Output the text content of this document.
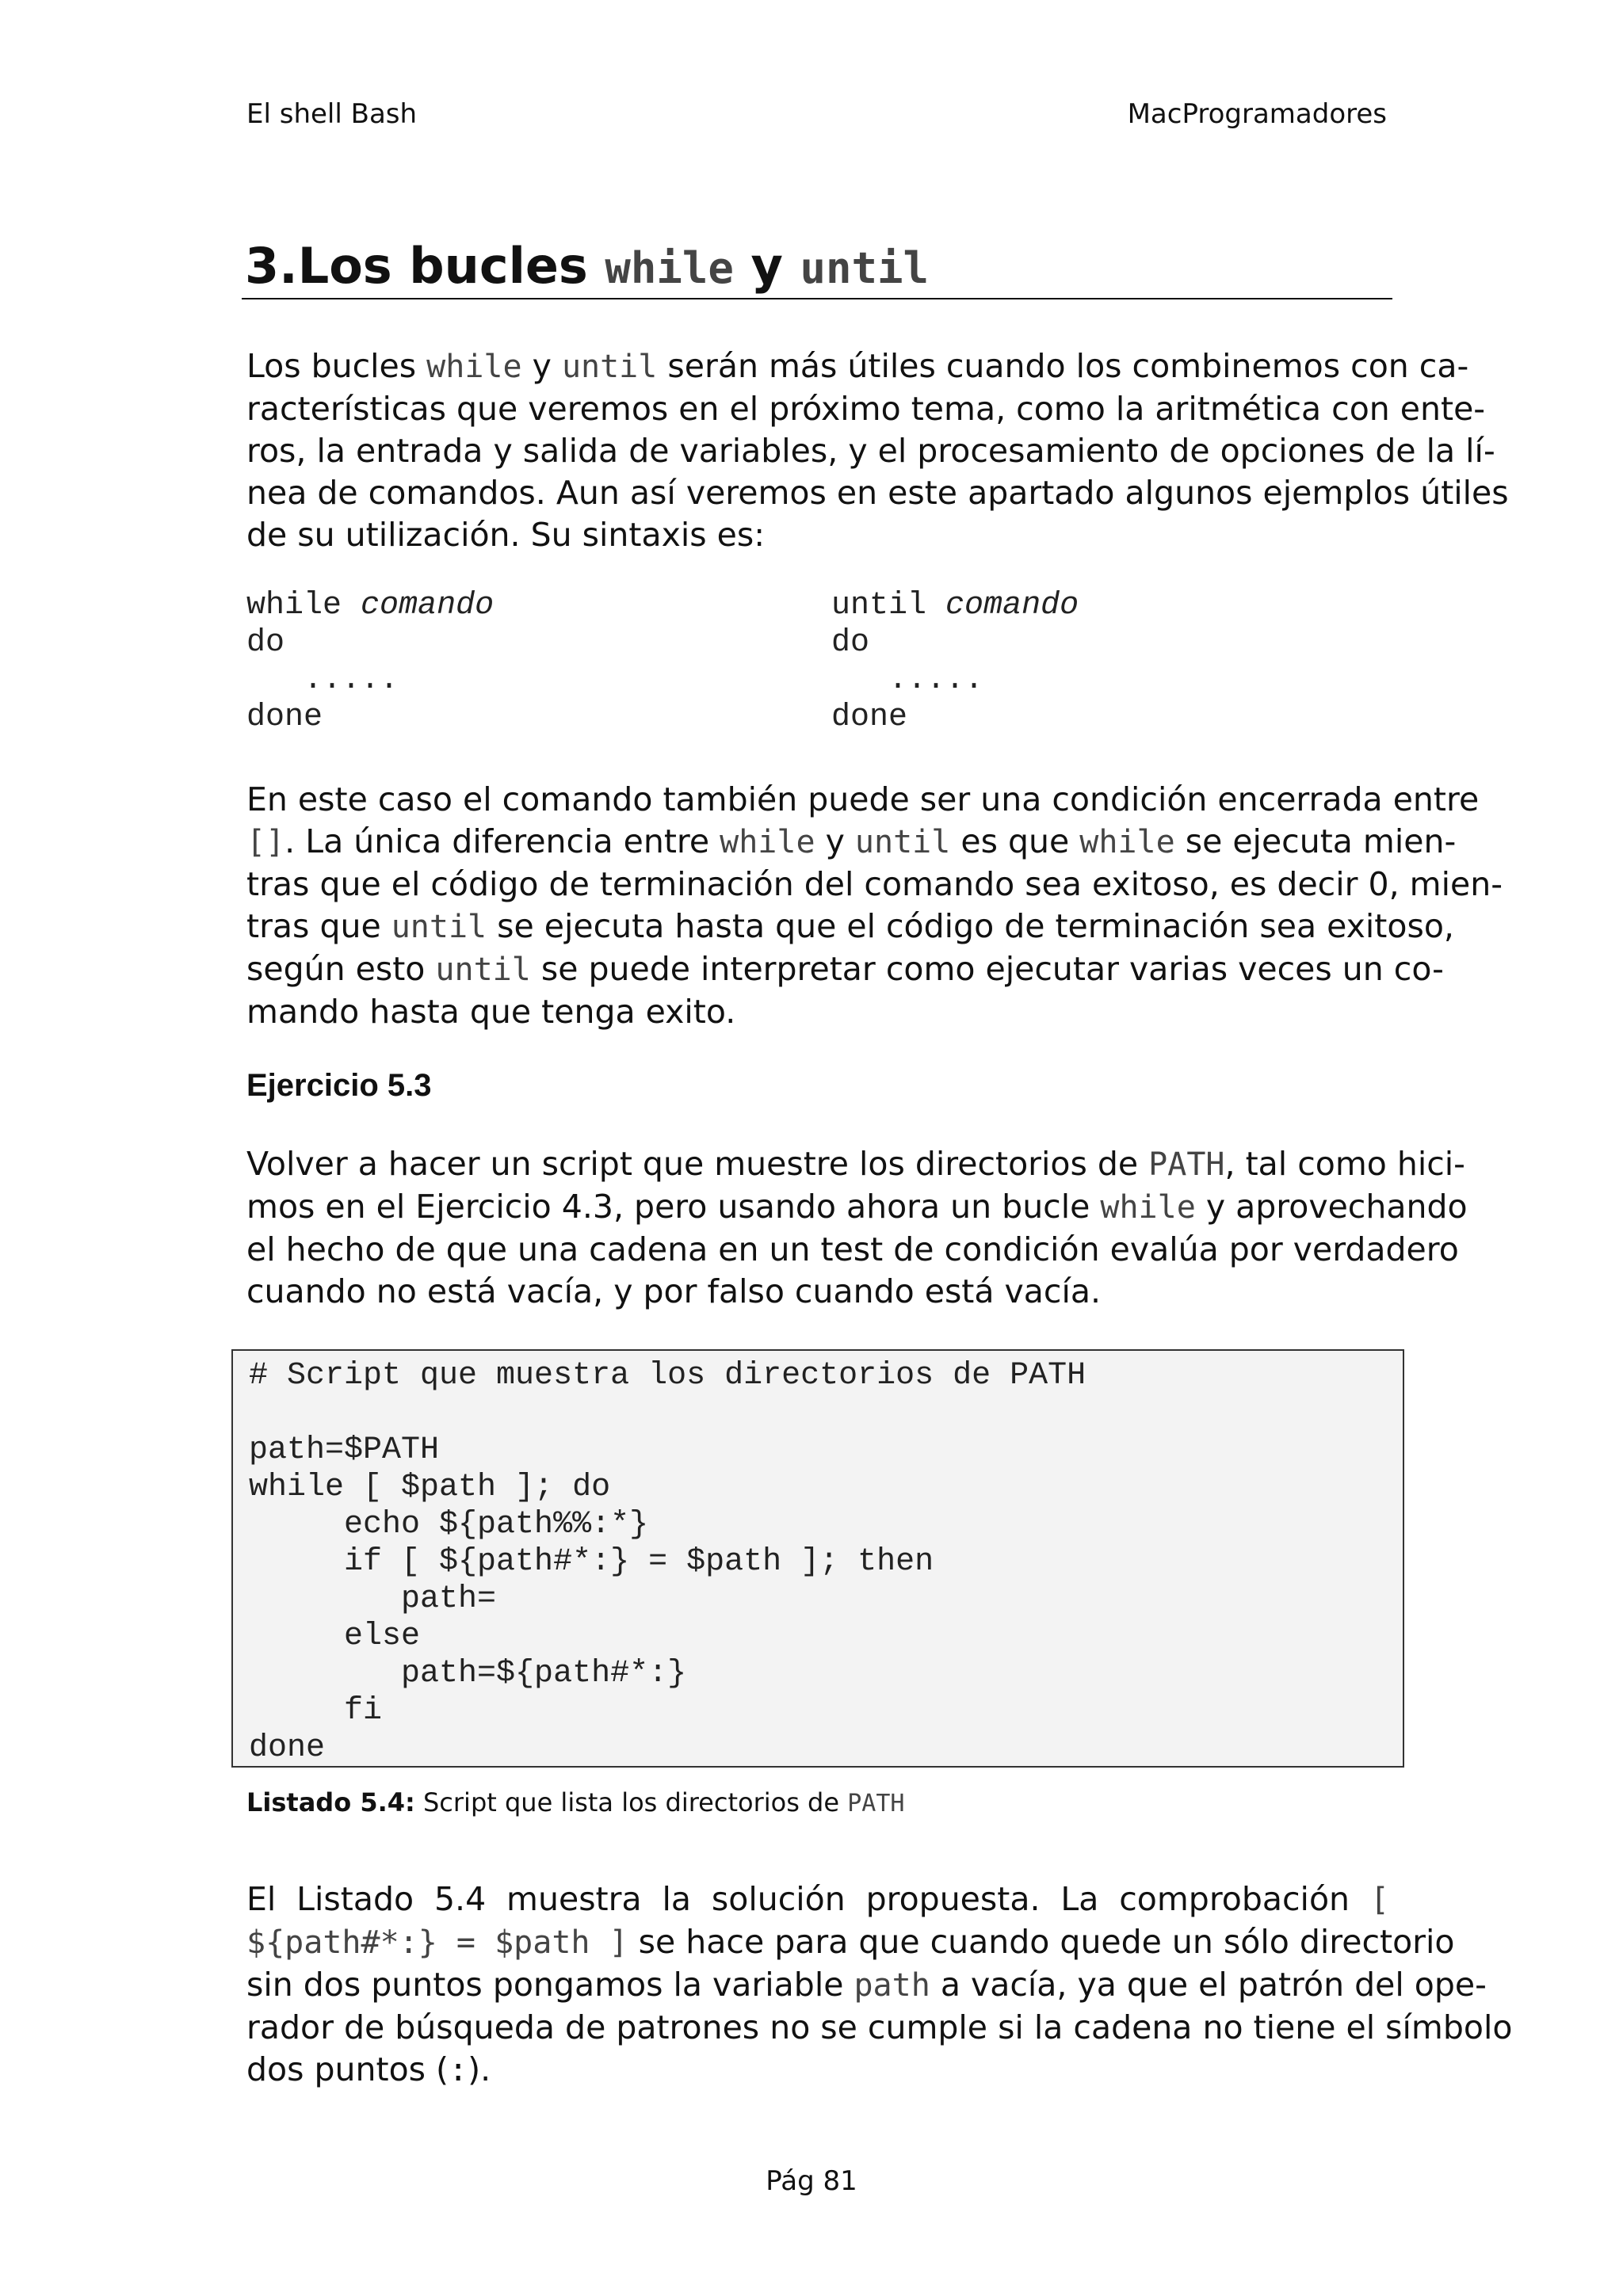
El shell Bash	MacProgramadores
3.Los bucles while y until
Los bucles while y until serán más útiles cuando los combinemos con ca-
racterísticas que veremos en el próximo tema, como la aritmética con ente-
ros, la entrada y salida de variables, y el procesamiento de opciones de la lí-
nea de comandos. Aun así veremos en este apartado algunos ejemplos útiles
de su utilización. Su sintaxis es:
while comando
do
.....
done
until comando
do
.....
done
En este caso el comando también puede ser una condición encerrada entre
[]. La única diferencia entre while y until es que while se ejecuta mien-
tras que el código de terminación del comando sea exitoso, es decir 0, mien-
tras que until se ejecuta hasta que el código de terminación sea exitoso,
según esto until se puede interpretar como ejecutar varias veces un co-
mando hasta que tenga exito.
Ejercicio 5.3
Volver a hacer un script que muestre los directorios de PATH, tal como hici-
mos en el Ejercicio 4.3, pero usando ahora un bucle while y aprovechando
el hecho de que una cadena en un test de condición evalúa por verdadero
cuando no está vacía, y por falso cuando está vacía.
# Script que muestra los directorios de PATH

path=$PATH
while [ $path ]; do
echo ${path%%:*}
if [ ${path#*:} = $path ]; then
path=
else
path=${path#*:}
fi
done
Listado 5.4: Script que lista los directorios de PATH
El Listado 5.4 muestra la solución propuesta. La comprobación [
${path#*:} = $path ] se hace para que cuando quede un sólo directorio
sin dos puntos pongamos la variable path a vacía, ya que el patrón del ope-
rador de búsqueda de patrones no se cumple si la cadena no tiene el símbolo
dos puntos (:).
Pág 81
